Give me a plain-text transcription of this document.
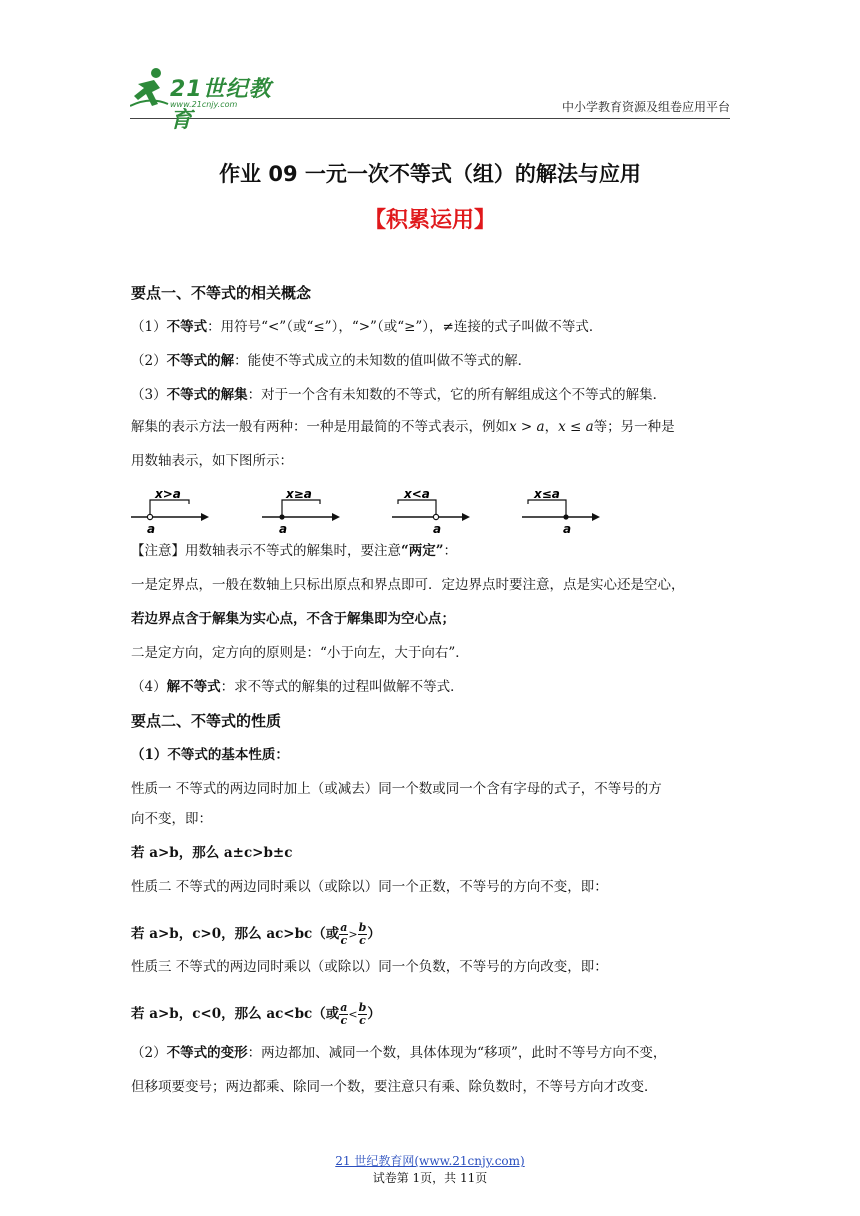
21世纪教育
www.21cnjy.com	中小学教育资源及组卷应用平台
作业 09 一元一次不等式（组）的解法与应用
【积累运用】
要点一、不等式的相关概念
（1）不等式：用符号“<”（或“≤”），“>”（或“≥”），≠连接的式子叫做不等式．
（2）不等式的解：能使不等式成立的未知数的值叫做不等式的解．
（3）不等式的解集：对于一个含有未知数的不等式，它的所有解组成这个不等式的解集．
解集的表示方法一般有两种：一种是用最简的不等式表示，例如x > a，x ≤ a等；另一种是
用数轴表示，如下图所示：
【注意】用数轴表示不等式的解集时，要注意“两定”：
一是定界点，一般在数轴上只标出原点和界点即可．定边界点时要注意，点是实心还是空心，
若边界点含于解集为实心点，不含于解集即为空心点；
二是定方向，定方向的原则是：“小于向左，大于向右”．
（4）解不等式：求不等式的解集的过程叫做解不等式．
要点二、不等式的性质
（1）不等式的基本性质：
性质一 不等式的两边同时加上（或减去）同一个数或同一个含有字母的式子，不等号的方
向不变，即：
若 a>b，那么 a±c>b±c
性质二 不等式的两边同时乘以（或除以）同一个正数，不等号的方向不变，即：
若 a>b，c>0，那么 ac>bc（或 $\frac{a}{c} > \frac{b}{c}$ ）
性质三 不等式的两边同时乘以（或除以）同一个负数，不等号的方向改变，即：
若 a>b，c<0，那么 ac<bc（或 $\frac{a}{c} < \frac{b}{c}$ ）
（2）不等式的变形：两边都加、减同一个数，具体体现为“移项”，此时不等号方向不变，
但移项要变号；两边都乘、除同一个数，要注意只有乘、除负数时，不等号方向才改变．
x>a
a
x≥a
a
x<a
a
x≤a
a
21 世纪教育网(www.21cnjy.com)
试卷第 1页，共 11页
